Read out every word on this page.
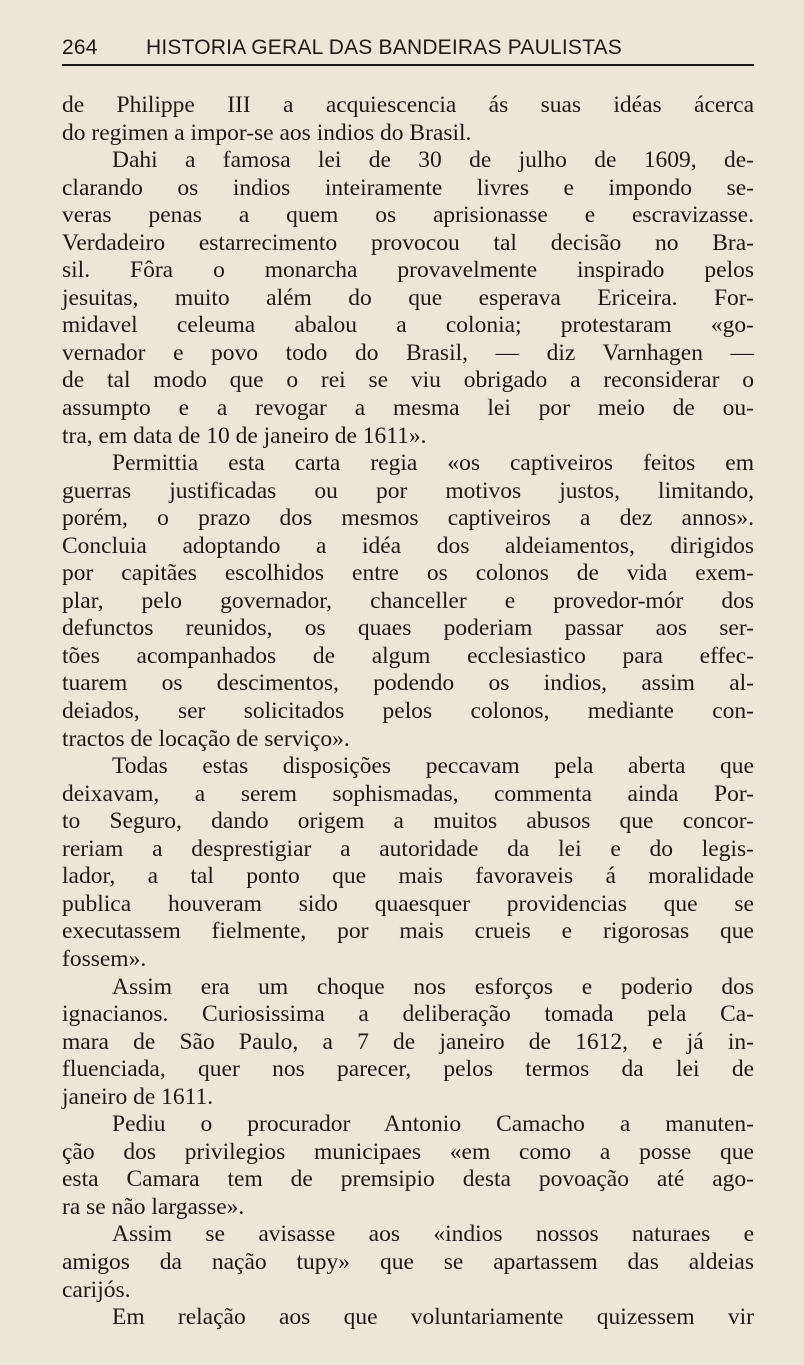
264 HISTORIA GERAL DAS BANDEIRAS PAULISTAS
de Philippe III a acquiescencia ás suas idéas ácerca
do regimen a impor-se aos indios do Brasil.
Dahi a famosa lei de 30 de julho de 1609, de-
clarando os indios inteiramente livres e impondo se-
veras penas a quem os aprisionasse e escravizasse.
Verdadeiro estarrecimento provocou tal decisão no Bra-
sil. Fôra o monarcha provavelmente inspirado pelos
jesuitas, muito além do que esperava Ericeira. For-
midavel celeuma abalou a colonia; protestaram «go-
vernador e povo todo do Brasil, — diz Varnhagen —
de tal modo que o rei se viu obrigado a reconsiderar o
assumpto e a revogar a mesma lei por meio de ou-
tra, em data de 10 de janeiro de 1611».
Permittia esta carta regia «os captiveiros feitos em
guerras justificadas ou por motivos justos, limitando,
porém, o prazo dos mesmos captiveiros a dez annos».
Concluia adoptando a idéa dos aldeiamentos, dirigidos
por capitães escolhidos entre os colonos de vida exem-
plar, pelo governador, chanceller e provedor-mór dos
defunctos reunidos, os quaes poderiam passar aos ser-
tões acompanhados de algum ecclesiastico para effec-
tuarem os descimentos, podendo os indios, assim al-
deiados, ser solicitados pelos colonos, mediante con-
tractos de locação de serviço».
Todas estas disposições peccavam pela aberta que
deixavam, a serem sophismadas, commenta ainda Por-
to Seguro, dando origem a muitos abusos que concor-
reriam a desprestigiar a autoridade da lei e do legis-
lador, a tal ponto que mais favoraveis á moralidade
publica houveram sido quaesquer providencias que se
executassem fielmente, por mais crueis e rigorosas que
fossem».
Assim era um choque nos esforços e poderio dos
ignacianos. Curiosissima a deliberação tomada pela Ca-
mara de São Paulo, a 7 de janeiro de 1612, e já in-
fluenciada, quer nos parecer, pelos termos da lei de
janeiro de 1611.
Pediu o procurador Antonio Camacho a manuten-
ção dos privilegios municipaes «em como a posse que
esta Camara tem de premsipio desta povoação até ago-
ra se não largasse».
Assim se avisasse aos «indios nossos naturaes e
amigos da nação tupy» que se apartassem das aldeias
carijós.
Em relação aos que voluntariamente quizessem vir
